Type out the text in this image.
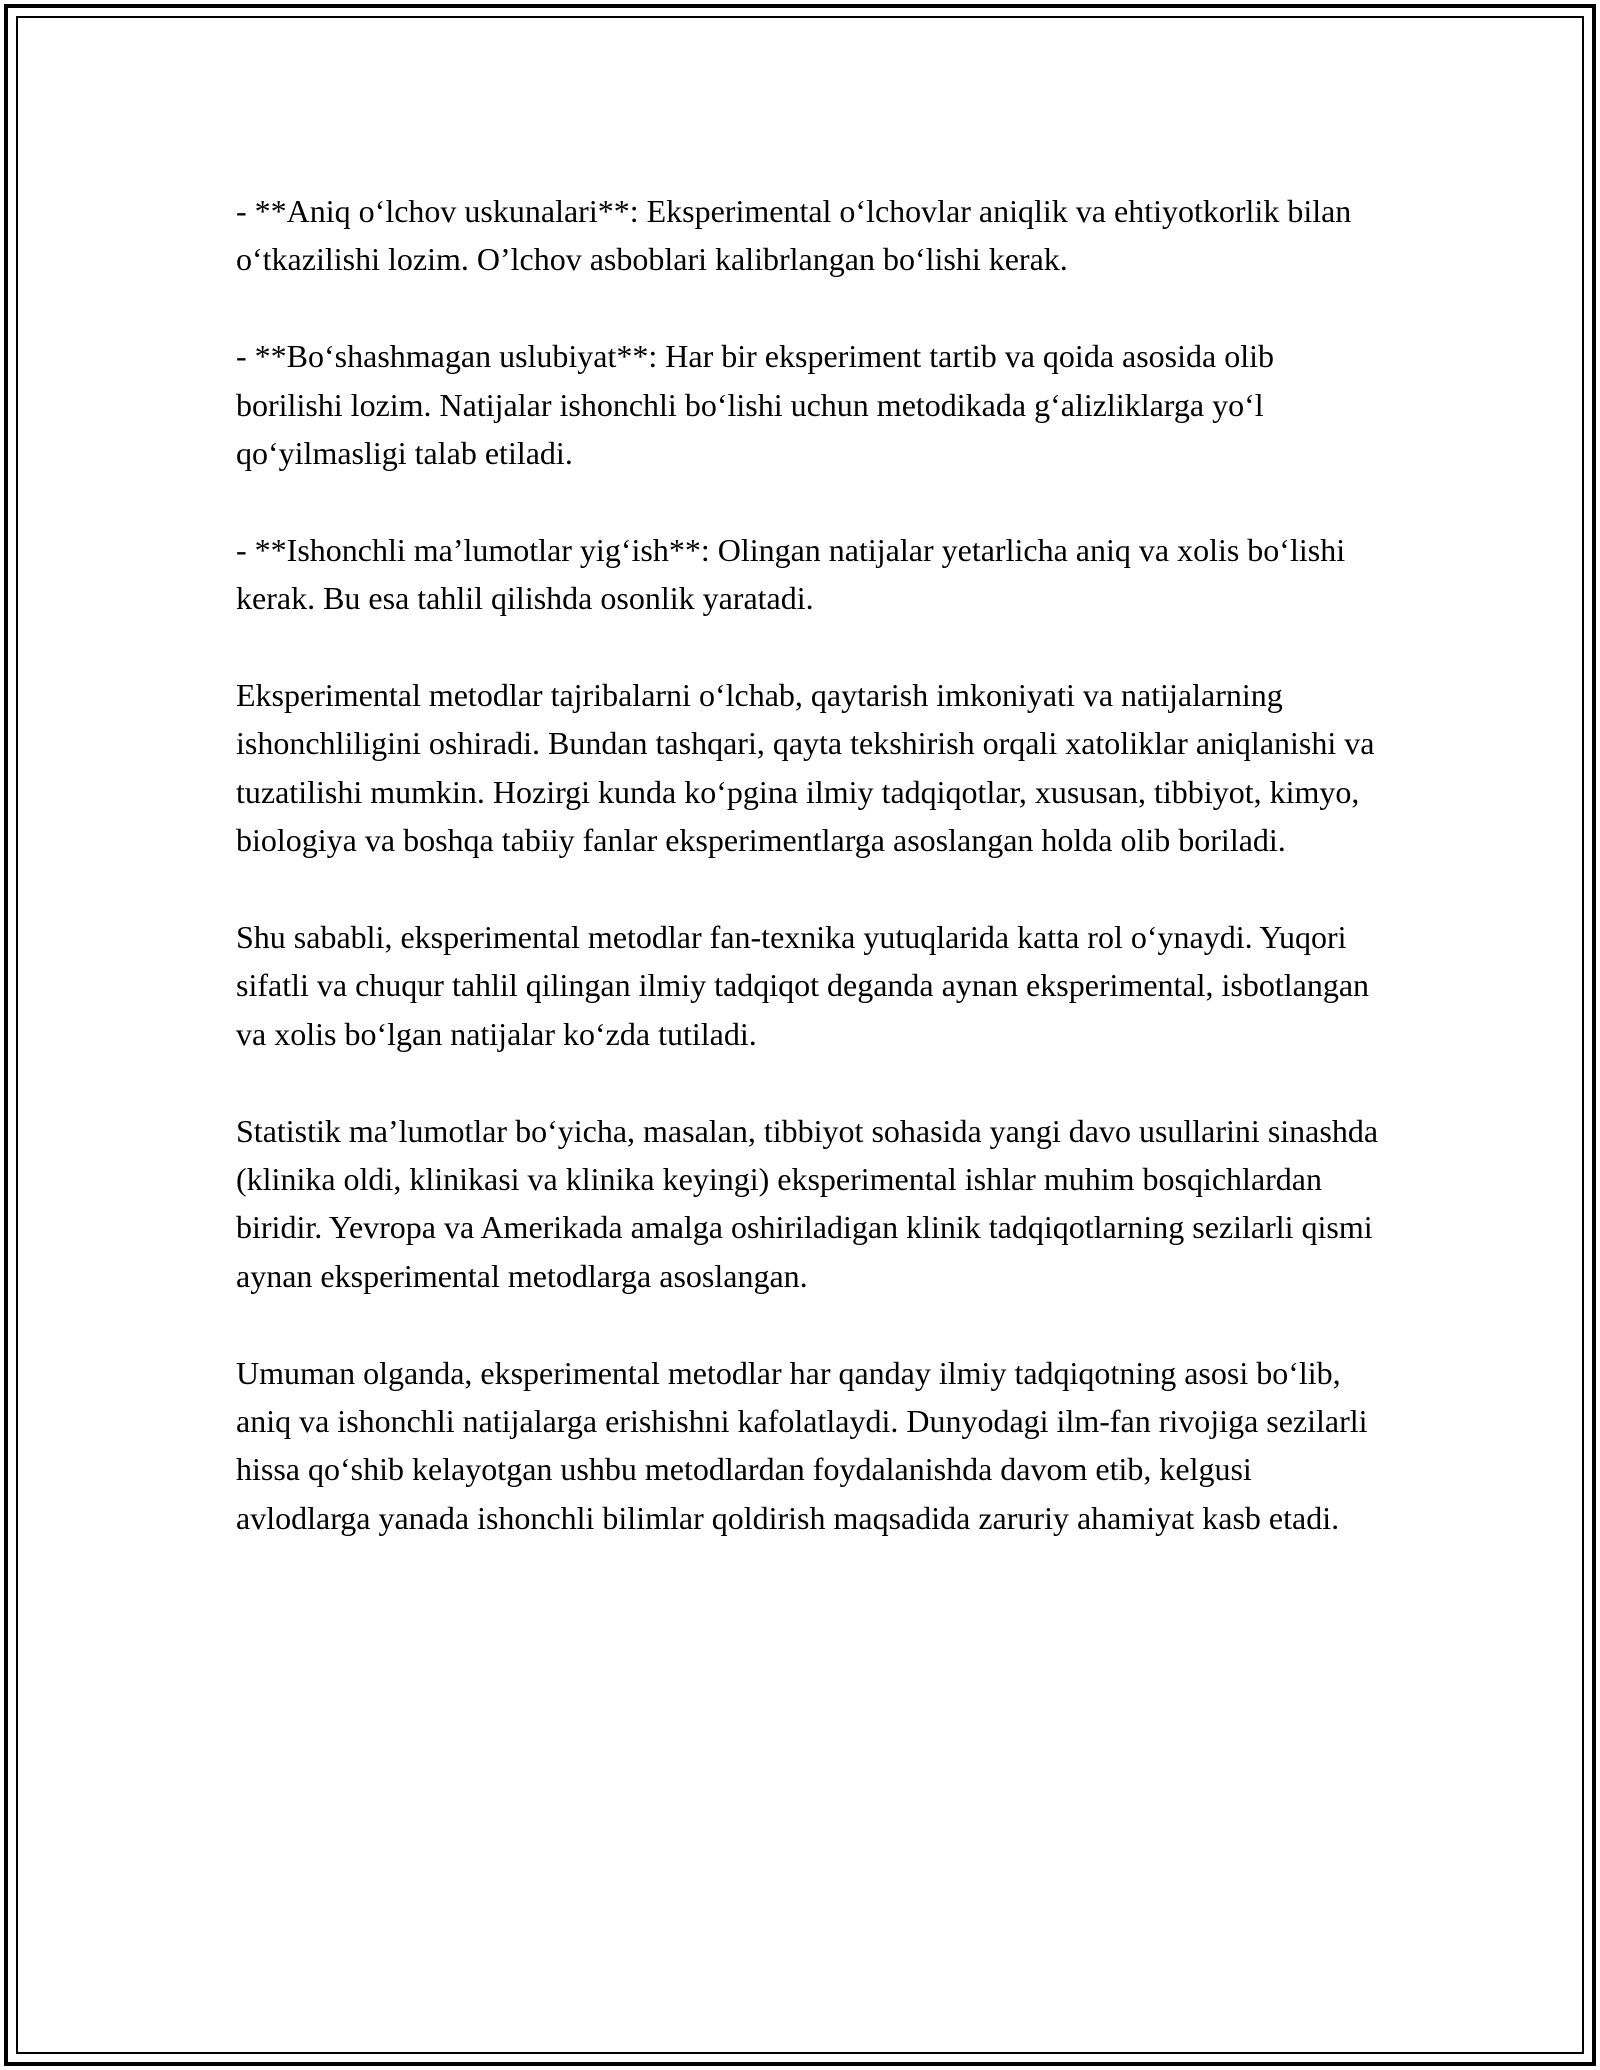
- **Aniq oʻlchov uskunalari**: Eksperimental oʻlchovlar aniqlik va ehtiyotkorlik bilan oʻtkazilishi lozim. Oʼlchov asboblari kalibrlangan boʻlishi kerak.

- **Boʻshashmagan uslubiyat**: Har bir eksperiment tartib va qoida asosida olib borilishi lozim. Natijalar ishonchli boʻlishi uchun metodikada gʻalizliklarga yoʻl qoʻyilmasligi talab etiladi.

- **Ishonchli maʼlumotlar yigʻish**: Olingan natijalar yetarlicha aniq va xolis boʻlishi kerak. Bu esa tahlil qilishda osonlik yaratadi.

Eksperimental metodlar tajribalarni oʻlchab, qaytarish imkoniyati va natijalarning ishonchliligini oshiradi. Bundan tashqari, qayta tekshirish orqali xatoliklar aniqlanishi va tuzatilishi mumkin. Hozirgi kunda koʻpgina ilmiy tadqiqotlar, xususan, tibbiyot, kimyo, biologiya va boshqa tabiiy fanlar eksperimentlarga asoslangan holda olib boriladi.

Shu sababli, eksperimental metodlar fan-texnika yutuqlarida katta rol oʻynaydi. Yuqori sifatli va chuqur tahlil qilingan ilmiy tadqiqot deganda aynan eksperimental, isbotlangan va xolis boʻlgan natijalar koʻzda tutiladi.

Statistik maʼlumotlar boʻyicha, masalan, tibbiyot sohasida yangi davo usullarini sinashda (klinika oldi, klinikasi va klinika keyingi) eksperimental ishlar muhim bosqichlardan biridir. Yevropa va Amerikada amalga oshiriladigan klinik tadqiqotlarning sezilarli qismi aynan eksperimental metodlarga asoslangan.

Umuman olganda, eksperimental metodlar har qanday ilmiy tadqiqotning asosi boʻlib, aniq va ishonchli natijalarga erishishni kafolatlaydi. Dunyodagi ilm-fan rivojiga sezilarli hissa qoʻshib kelayotgan ushbu metodlardan foydalanishda davom etib, kelgusi avlodlarga yanada ishonchli bilimlar qoldirish maqsadida zaruriy ahamiyat kasb etadi.
